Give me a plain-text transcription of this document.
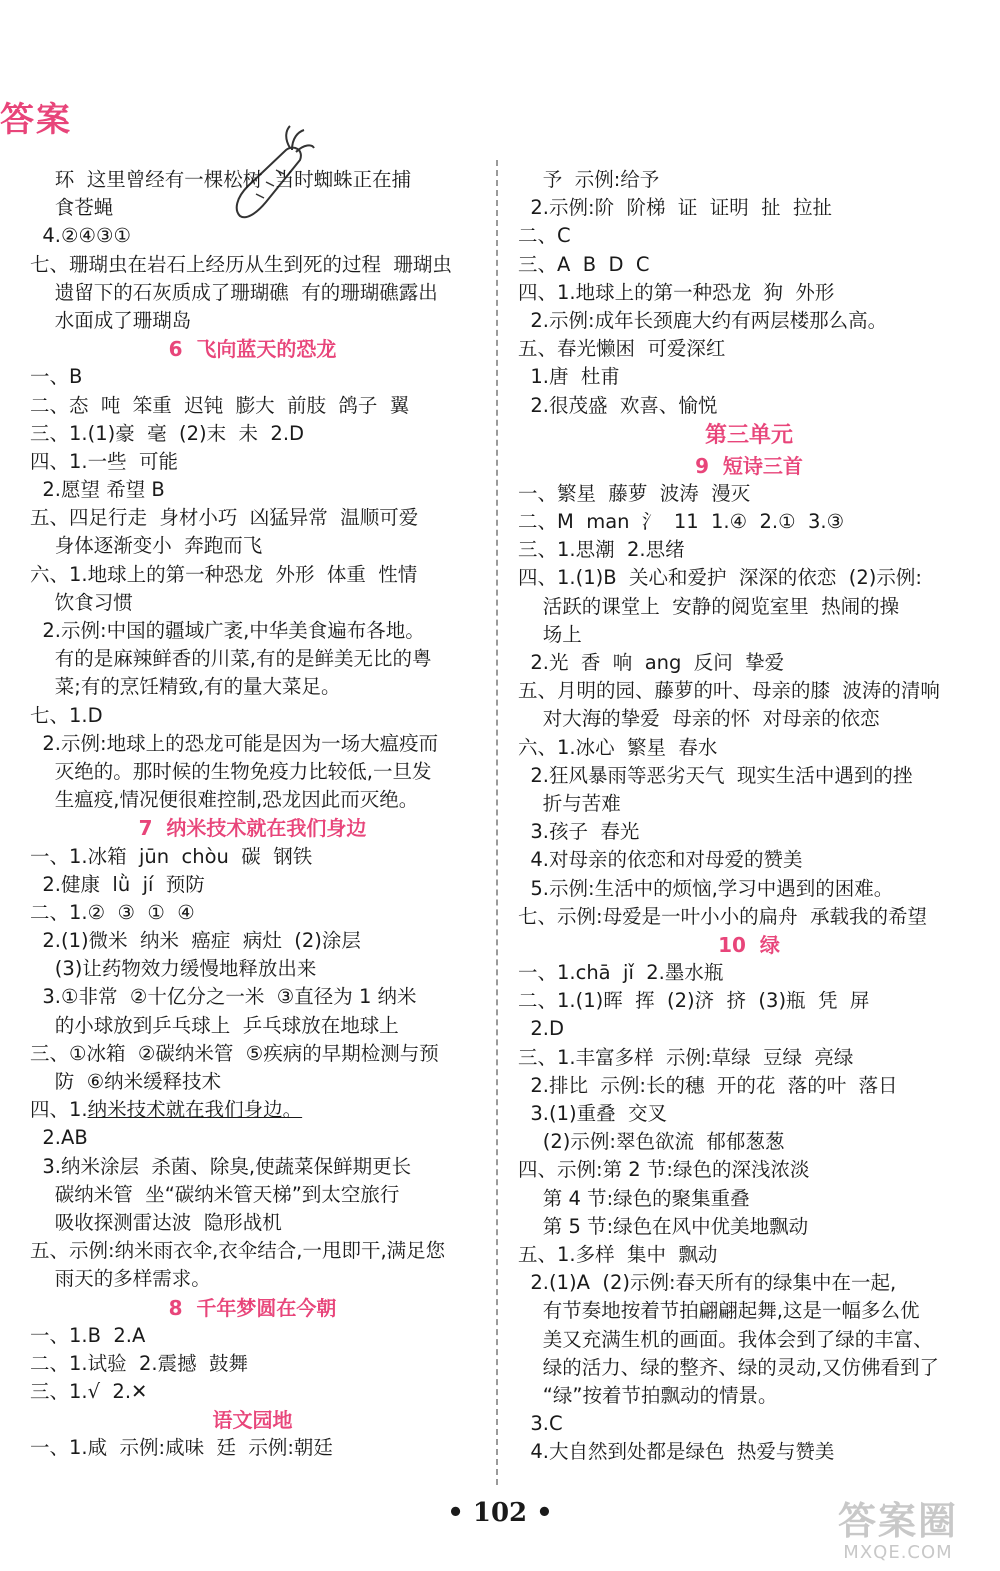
答案
环  这里曾经有一棵松树  当时蜘蛛正在捕
食苍蝇
4.②④③①
七、珊瑚虫在岩石上经历从生到死的过程  珊瑚虫
遗留下的石灰质成了珊瑚礁  有的珊瑚礁露出
水面成了珊瑚岛
6  飞向蓝天的恐龙
一、B
二、态  吨  笨重  迟钝  膨大  前肢  鸽子  翼
三、1.(1)豪  毫  (2)末  未  2.D
四、1.一些  可能
2.愿望 希望 B
五、四足行走  身材小巧  凶猛异常  温顺可爱
身体逐渐变小  奔跑而飞
六、1.地球上的第一种恐龙  外形  体重  性情
饮食习惯
2.示例:中国的疆域广袤,中华美食遍布各地。
有的是麻辣鲜香的川菜,有的是鲜美无比的粤
菜;有的烹饪精致,有的量大菜足。
七、1.D
2.示例:地球上的恐龙可能是因为一场大瘟疫而
灭绝的。那时候的生物免疫力比较低,一旦发
生瘟疫,情况便很难控制,恐龙因此而灭绝。
7  纳米技术就在我们身边
一、1.冰箱  jūn  chòu  碳  钢铁
2.健康  lǜ  jí  预防
二、1.②  ③  ①  ④
2.(1)微米  纳米  癌症  病灶  (2)涂层
(3)让药物效力缓慢地释放出来
3.①非常  ②十亿分之一米  ③直径为 1 纳米
的小球放到乒乓球上  乒乓球放在地球上
三、①冰箱  ②碳纳米管  ⑤疾病的早期检测与预
防  ⑥纳米缓释技术
四、1.纳米技术就在我们身边。
2.AB
3.纳米涂层  杀菌、除臭,使蔬菜保鲜期更长
碳纳米管  坐“碳纳米管天梯”到太空旅行
吸收探测雷达波  隐形战机
五、示例:纳米雨衣伞,衣伞结合,一甩即干,满足您
雨天的多样需求。
8  千年梦圆在今朝
一、1.B  2.A
二、1.试验  2.震撼  鼓舞
三、1.√  2.✕
语文园地
一、1.咸  示例:咸味  廷  示例:朝廷
予  示例:给予
2.示例:阶  阶梯  证  证明  扯  拉扯
二、C
三、A  B  D  C
四、1.地球上的第一种恐龙  狗  外形
2.示例:成年长颈鹿大约有两层楼那么高。
五、春光懒困  可爱深红
1.唐  杜甫
2.很茂盛  欢喜、愉悦
第三单元
9  短诗三首
一、繁星  藤萝  波涛  漫灭
二、M  man  氵  11  1.④  2.①  3.③
三、1.思潮  2.思绪
四、1.(1)B  关心和爱护  深深的依恋  (2)示例:
活跃的课堂上  安静的阅览室里  热闹的操
场上
2.光  香  响  ang  反问  挚爱
五、月明的园、藤萝的叶、母亲的膝  波涛的清响
对大海的挚爱  母亲的怀  对母亲的依恋
六、1.冰心  繁星  春水
2.狂风暴雨等恶劣天气  现实生活中遇到的挫
折与苦难
3.孩子  春光
4.对母亲的依恋和对母爱的赞美
5.示例:生活中的烦恼,学习中遇到的困难。
七、示例:母爱是一叶小小的扁舟  承载我的希望
10  绿
一、1.chā  jǐ  2.墨水瓶
二、1.(1)晖  挥  (2)济  挤  (3)瓶  凭  屏
2.D
三、1.丰富多样  示例:草绿  豆绿  亮绿
2.排比  示例:长的穗  开的花  落的叶  落日
3.(1)重叠  交叉
(2)示例:翠色欲流  郁郁葱葱
四、示例:第 2 节:绿色的深浅浓淡
第 4 节:绿色的聚集重叠
第 5 节:绿色在风中优美地飘动
五、1.多样  集中  飘动
2.(1)A  (2)示例:春天所有的绿集中在一起,
有节奏地按着节拍翩翩起舞,这是一幅多么优
美又充满生机的画面。我体会到了绿的丰富、
绿的活力、绿的整齐、绿的灵动,又仿佛看到了
“绿”按着节拍飘动的情景。
3.C
4.大自然到处都是绿色  热爱与赞美
• 102 •	答案圈
MXQE.COM
